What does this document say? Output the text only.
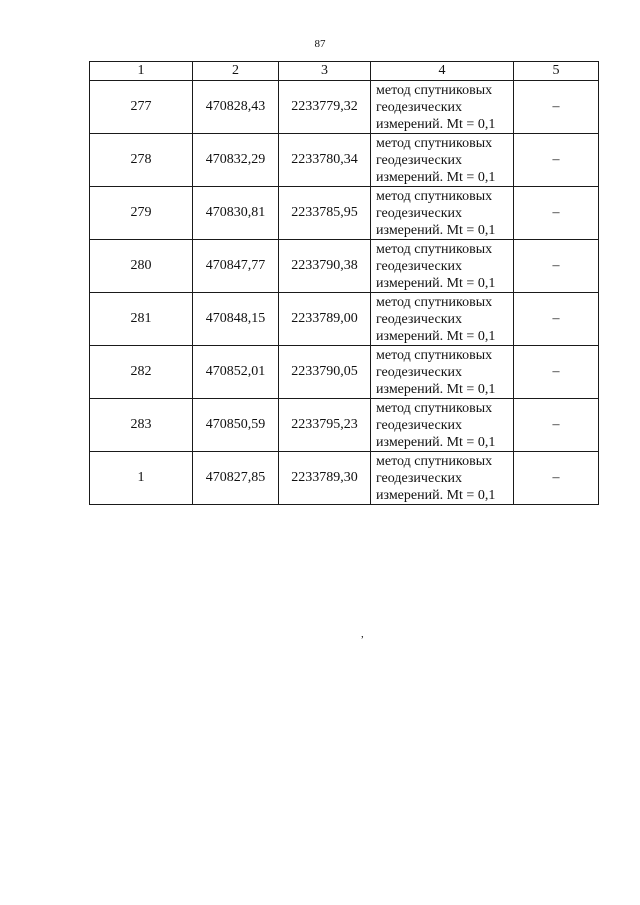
87
1	2	3	4	5
277	470828,43	2233779,32	метод спутниковых
геодезических
измерений. Mt = 0,1	–
278	470832,29	2233780,34	метод спутниковых
геодезических
измерений. Mt = 0,1	–
279	470830,81	2233785,95	метод спутниковых
геодезических
измерений. Mt = 0,1	–
280	470847,77	2233790,38	метод спутниковых
геодезических
измерений. Mt = 0,1	–
281	470848,15	2233789,00	метод спутниковых
геодезических
измерений. Mt = 0,1	–
282	470852,01	2233790,05	метод спутниковых
геодезических
измерений. Mt = 0,1	–
283	470850,59	2233795,23	метод спутниковых
геодезических
измерений. Mt = 0,1	–
1	470827,85	2233789,30	метод спутниковых
геодезических
измерений. Mt = 0,1	–
,
